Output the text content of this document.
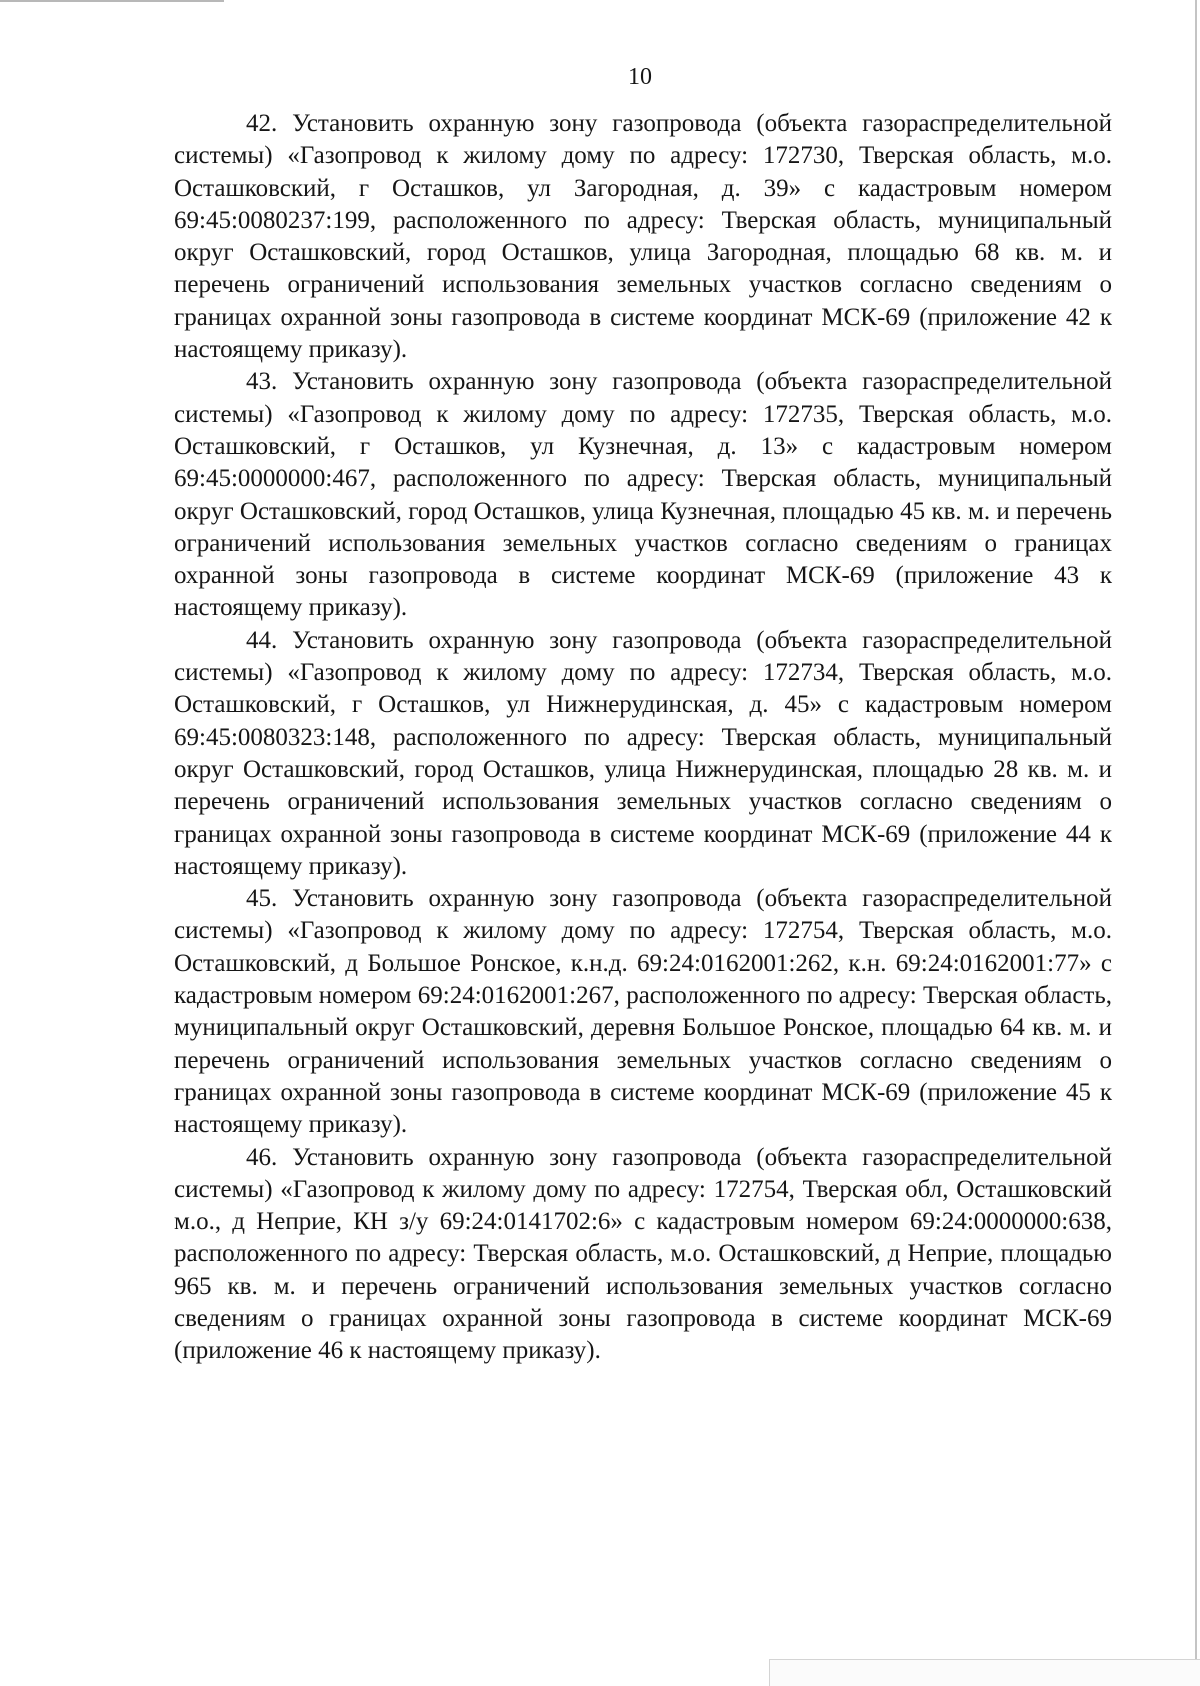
10

42. Установить охранную зону газопровода (объекта газораспределительной системы) «Газопровод к жилому дому по адресу: 172730, Тверская область, м.о. Осташковский, г Осташков, ул Загородная, д. 39» с кадастровым номером 69:45:0080237:199, расположенного по адресу: Тверская область, муниципальный округ Осташковский, город Осташков, улица Загородная, площадью 68 кв. м. и перечень ограничений использования земельных участков согласно сведениям о границах охранной зоны газопровода в системе координат МСК-69 (приложение 42 к настоящему приказу).

43. Установить охранную зону газопровода (объекта газораспределительной системы) «Газопровод к жилому дому по адресу: 172735, Тверская область, м.о. Осташковский, г Осташков, ул Кузнечная, д. 13» с кадастровым номером 69:45:0000000:467, расположенного по адресу: Тверская область, муниципальный округ Осташковский, город Осташков, улица Кузнечная, площадью 45 кв. м. и перечень ограничений использования земельных участков согласно сведениям о границах охранной зоны газопровода в системе координат МСК-69 (приложение 43 к настоящему приказу).

44. Установить охранную зону газопровода (объекта газораспределительной системы) «Газопровод к жилому дому по адресу: 172734, Тверская область, м.о. Осташковский, г Осташков, ул Нижнерудинская, д. 45» с кадастровым номером 69:45:0080323:148, расположенного по адресу: Тверская область, муниципальный округ Осташковский, город Осташков, улица Нижнерудинская, площадью 28 кв. м. и перечень ограничений использования земельных участков согласно сведениям о границах охранной зоны газопровода в системе координат МСК-69 (приложение 44 к настоящему приказу).

45. Установить охранную зону газопровода (объекта газораспределительной системы) «Газопровод к жилому дому по адресу: 172754, Тверская область, м.о. Осташковский, д Большое Ронское, к.н.д. 69:24:0162001:262, к.н. 69:24:0162001:77» с кадастровым номером 69:24:0162001:267, расположенного по адресу: Тверская область, муниципальный округ Осташковский, деревня Большое Ронское, площадью 64 кв. м. и перечень ограничений использования земельных участков согласно сведениям о границах охранной зоны газопровода в системе координат МСК-69 (приложение 45 к настоящему приказу).

46. Установить охранную зону газопровода (объекта газораспределительной системы) «Газопровод к жилому дому по адресу: 172754, Тверская обл, Осташковский м.о., д Неприе, КН з/у 69:24:0141702:6» с кадастровым номером 69:24:0000000:638, расположенного по адресу: Тверская область, м.о. Осташковский, д Неприе, площадью 965 кв. м. и перечень ограничений использования земельных участков согласно сведениям о границах охранной зоны газопровода в системе координат МСК-69 (приложение 46 к настоящему приказу).
